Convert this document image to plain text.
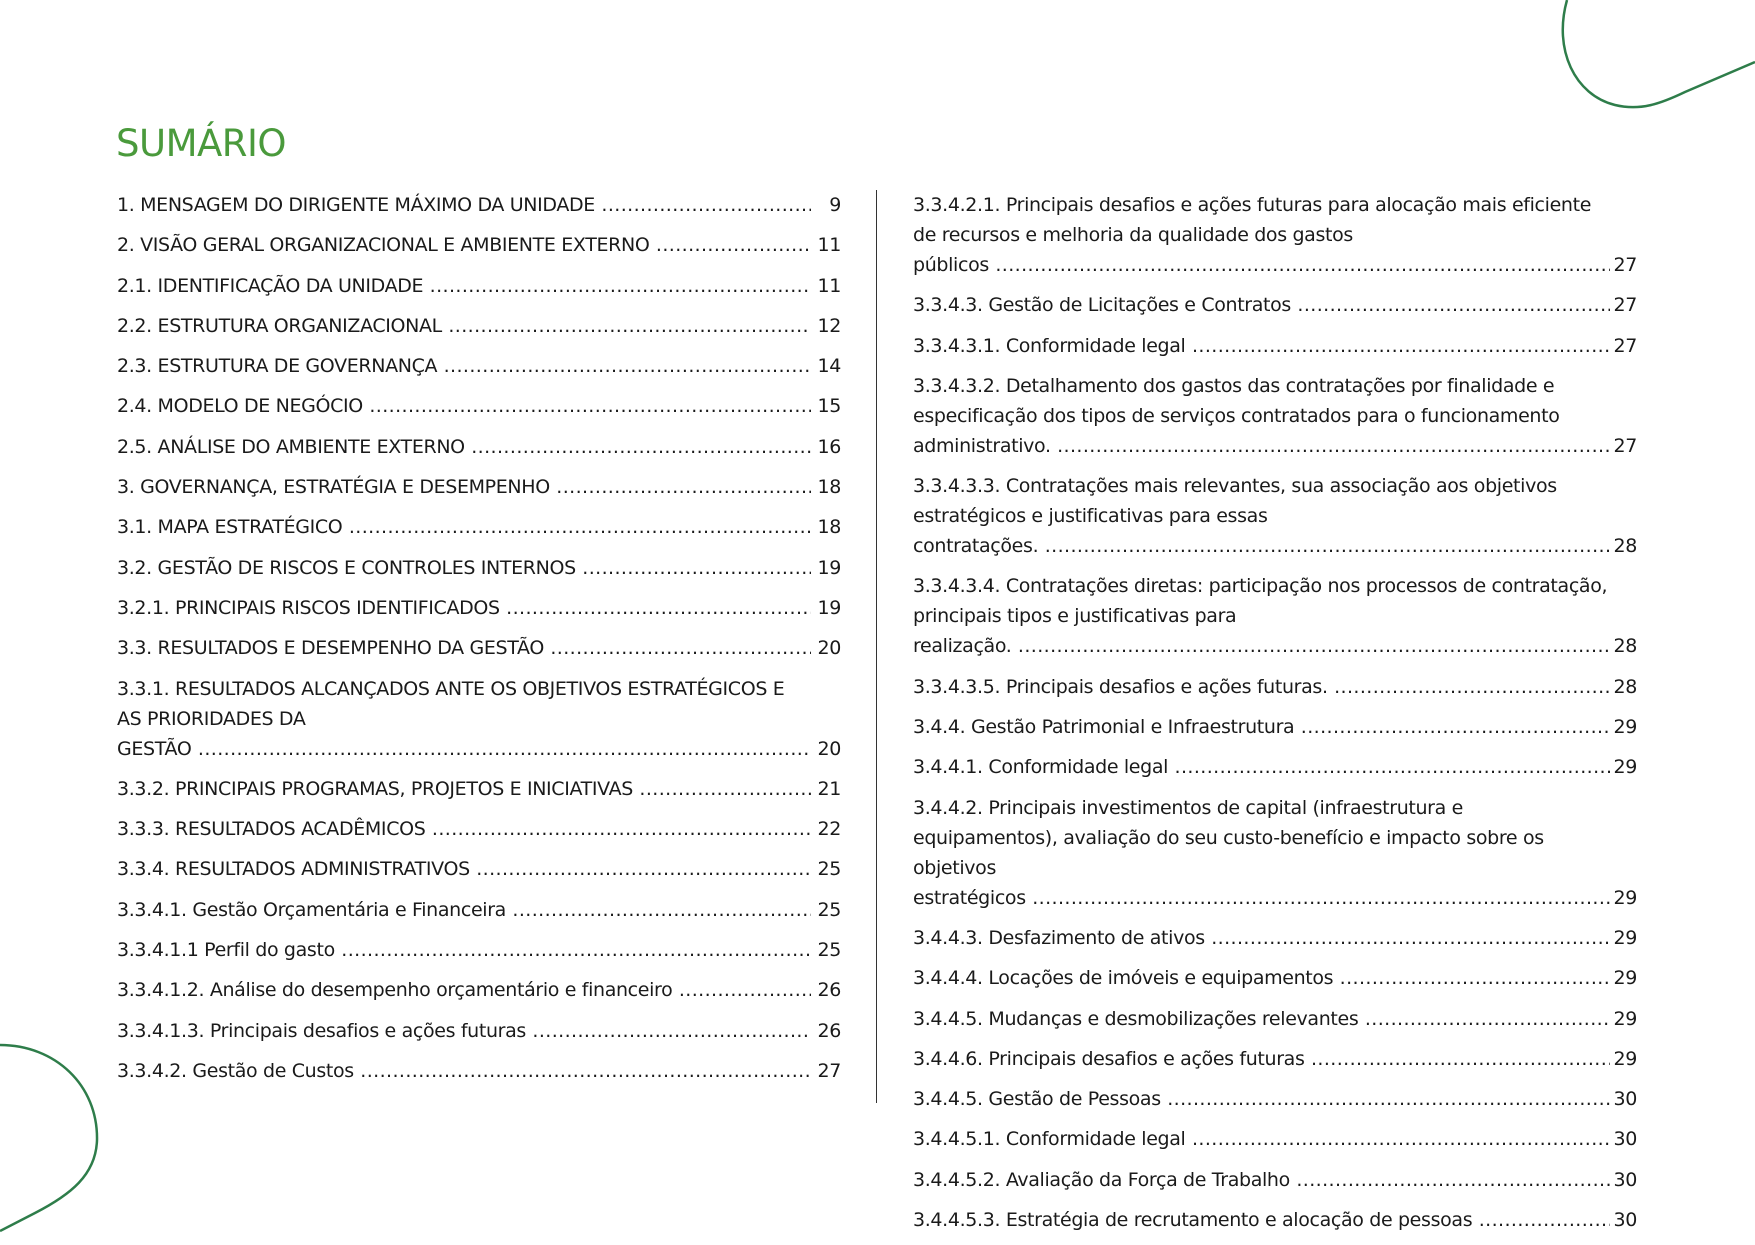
SUMÁRIO
1. MENSAGEM DO DIRIGENTE MÁXIMO DA UNIDADE .....	9
2. VISÃO GERAL ORGANIZACIONAL E AMBIENTE EXTERNO .....	11
2.1. IDENTIFICAÇÃO DA UNIDADE .....	11
2.2. ESTRUTURA ORGANIZACIONAL .....	12
2.3. ESTRUTURA DE GOVERNANÇA .....	14
2.4. MODELO DE NEGÓCIO .....	15
2.5. ANÁLISE DO AMBIENTE EXTERNO .....	16
3. GOVERNANÇA, ESTRATÉGIA E DESEMPENHO .....	18
3.1. MAPA ESTRATÉGICO .....	18
3.2. GESTÃO DE RISCOS E CONTROLES INTERNOS .....	19
3.2.1. PRINCIPAIS RISCOS IDENTIFICADOS .....	19
3.3. RESULTADOS E DESEMPENHO DA GESTÃO .....	20
3.3.1. RESULTADOS ALCANÇADOS ANTE OS OBJETIVOS ESTRATÉGICOS E AS PRIORIDADES DA GESTÃO .....	20
3.3.2. PRINCIPAIS PROGRAMAS, PROJETOS E INICIATIVAS .....	21
3.3.3. RESULTADOS ACADÊMICOS .....	22
3.3.4. RESULTADOS ADMINISTRATIVOS .....	25
3.3.4.1. Gestão Orçamentária e Financeira .....	25
3.3.4.1.1 Perfil do gasto .....	25
3.3.4.1.2. Análise do desempenho orçamentário e financeiro .....	26
3.3.4.1.3. Principais desafios e ações futuras .....	26
3.3.4.2. Gestão de Custos .....	27
3.3.4.2.1. Principais desafios e ações futuras para alocação mais eficiente de recursos e melhoria da qualidade dos gastos públicos .....	27
3.3.4.3. Gestão de Licitações e Contratos .....	27
3.3.4.3.1. Conformidade legal .....	27
3.3.4.3.2. Detalhamento dos gastos das contratações por finalidade e especificação dos tipos de serviços contratados para o funcionamento administrativo. .....	27
3.3.4.3.3. Contratações mais relevantes, sua associação aos objetivos estratégicos e justificativas para essas contratações. .....	28
3.3.4.3.4. Contratações diretas: participação nos processos de contratação, principais tipos e justificativas para realização. .....	28
3.3.4.3.5. Principais desafios e ações futuras. .....	28
3.4.4. Gestão Patrimonial e Infraestrutura .....	29
3.4.4.1. Conformidade legal .....	29
3.4.4.2. Principais investimentos de capital (infraestrutura e equipamentos), avaliação do seu custo-benefício e impacto sobre os objetivos estratégicos .....	29
3.4.4.3. Desfazimento de ativos .....	29
3.4.4.4. Locações de imóveis e equipamentos .....	29
3.4.4.5. Mudanças e desmobilizações relevantes .....	29
3.4.4.6. Principais desafios e ações futuras .....	29
3.4.4.5. Gestão de Pessoas .....	30
3.4.4.5.1. Conformidade legal .....	30
3.4.4.5.2. Avaliação da Força de Trabalho .....	30
3.4.4.5.3. Estratégia de recrutamento e alocação de pessoas .....	30
